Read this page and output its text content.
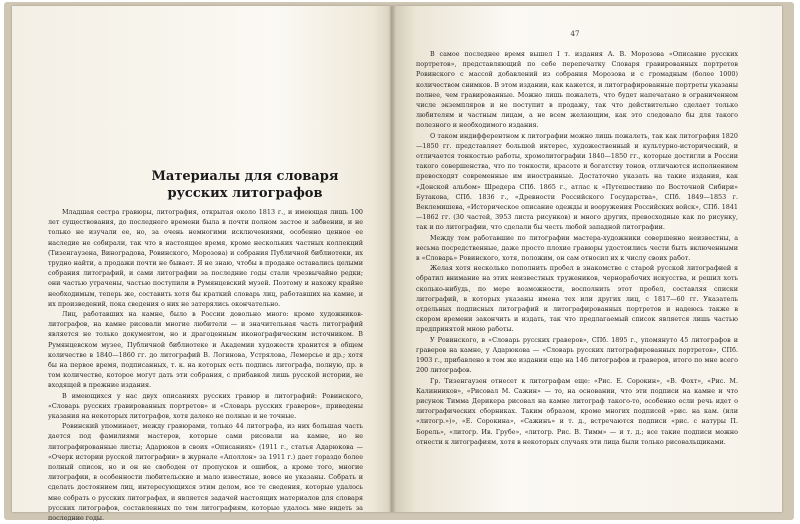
47
Материалы для словаря
русских литографов

Младшая сестра гравюры, литография, открытая около 1813 г., и имеющая лишь 100 лет существования, до последнего времени была в почти полном застое и забвении, и не только не изучали ее, но, за очень немногими исключениями, особенно ценное ее наследие не собирали, так что в настоящее время, кроме нескольких частных коллекций (Тизенгаузена, Виноградова, Ровинского, Морозова) и собрания Публичной библиотеки, их трудно найти, а продажи почти не бывает. Я не знаю, чтобы в продаже оставались целыми собрания литографий, и сами литографии за последние годы стали чрезвычайно редки; они частью утрачены, частью поступили в Румянцевский музей. Поэтому и нахожу крайне необходимым, теперь же, составить хотя бы краткий словарь лиц, работавших на камне, и их произведений, пока сведения о них не затерялись окончательно.

Лиц, работавших на камне, было в России довольно много: кроме художников-литографов, на камне рисовали многие любители — и значительная часть литографий является не только документом, но и драгоценным иконографическим источником. В Румянцевском музее, Публичной библиотеке и Академии художеств хранится в общем количестве в 1840—1860 гг. до литографий В. Логинова, Устрялова, Лемерсье и др.; хотя бы на первое время, подписанных, т. к. на которых есть подпись литографа, полную, пр. в том количестве, которое могут дать эти собрания, с прибавкой лишь русской истории, не входящей в прежние издания.

В имеющихся у нас двух описаниях русских гравюр и литографий: Ровинского, «Словарь русских гравированных портретов» и «Словарь русских граверов», приведены указания на некоторых литографов, хотя далеко не полные и не точные.

Ровинский упоминает, между гравюрами, только 44 литографа, из них большая часть дается под фамилиями мастеров, которые сами рисовали на камне, но не литографированные листы; Адарюков в своих «Описаниях» (1911 г., статья Адарюкова — «Очерк истории русской литографии» в журнале «Аполлон» за 1911 г.) дает гораздо более полный список, но и он не свободен от пропусков и ошибок, а кроме того, многие литографии, в особенности любительские и мало известные, вовсе не указаны. Собрать и сделать достоянием лиц, интересующихся этим делом, все те сведения, которые удалось мне собрать о русских литографах, и является задачей настоящих материалов для словаря русских литографов, составленных по тем литографиям, которые удалось мне видеть за последние годы.

В самое последнее время вышел I т. издания А. В. Морозова «Описание русских портретов», представляющий по себе перепечатку Словаря гравированных портретов Ровинского с массой добавлений из собрания Морозова и с громадным (более 1000) количеством снимков. В этом издании, как кажется, и литографированные портреты указаны полнее, чем гравированные. Можно лишь пожалеть, что будет напечатано в ограниченном числе экземпляров и не поступит в продажу, так что действительно сделает только любителям и частным лицам, а не всем желающим, как это следовало бы для такого полезного и необходимого издания.

О таком индифферентном к литографии можно лишь пожалеть, так как литография 1820—1850 гг. представляет большой интерес, художественный и культурно-исторический, и отличается тонкостью работы, хромолитографии 1840—1850 гг., которые достигли в России такого совершенства, что по тонкости, красоте и богатству тонов, отличаются исполнением превосходят современные им иностранные. Достаточно указать на такие издания, как «Донской альбом» Шредера СПб. 1865 г., атлас к «Путешествию по Восточной Сибири» Бутакова, СПб. 1836 г., «Древности Российского Государства», СПб. 1849—1853 г. Веклемишева, «Историческое описание одежды и вооружения Российских войск», СПб. 1841—1862 гг. (30 частей, 3953 листа рисунков) и много других, превосходные как по рисунку, так и по литографии, что сделали бы честь любой западной литографии.

Между тем работавшие по литографии мастера-художники совершенно неизвестны, а весьма посредственные, даже просто плохие гравюры удостоились чести быть включенными в «Словарь» Ровинского, хотя, положим, он сам относил их к числу своих работ.

Желая хотя несколько пополнить пробел в знакомстве с старой русской литографией я обратил внимание на этих неизвестных тружеников, чернорабочих искусства, и решил хоть сколько-нибудь, по мере возможности, восполнить этот пробел, составляя списки литографий, в которых указаны имена тех или других лиц, с 1817—60 гг. Указатель отдельных подписных литографий и литографированных портретов и надеюсь также в скором времени закончить и издать, так что предлагаемый список является лишь частью предпринятой мною работы.

У Ровинского, в «Словарь русских граверов», СПб. 1895 г., упомянуто 45 литографов и граверов на камне, у Адарюкова — «Словарь русских литографированных портретов», СПб. 1903 г., прибавлено в том же издании еще на 146 литографов и граверов, итого по мне всего 200 литографов.

Гр. Тизенгаузен отнесет к литографам еще: «Рис. Е. Сорокин», «В. Фохт», «Рис. М. Калинников», «Рисовал М. Сажин» — то, на основании, что эти подписи на камне и что рисунок Тимма Дерикера рисовал на камне литограф такого-то, особенно если речь идет о литографических сборниках. Таким образом, кроме многих подписей «рис. на кам. (или «литогр.»)», «Е. Сорокина», «Сажинъ» и т. д., встречаются подписи «рис. с натуры П. Борель», «литогр. Ив. Грубе», «литогр. Рис. В. Тимм» — и т. д.; все такие подписи можно отнести к литографиям, хотя в некоторых случаях эти лица были только рисовальщиками.
